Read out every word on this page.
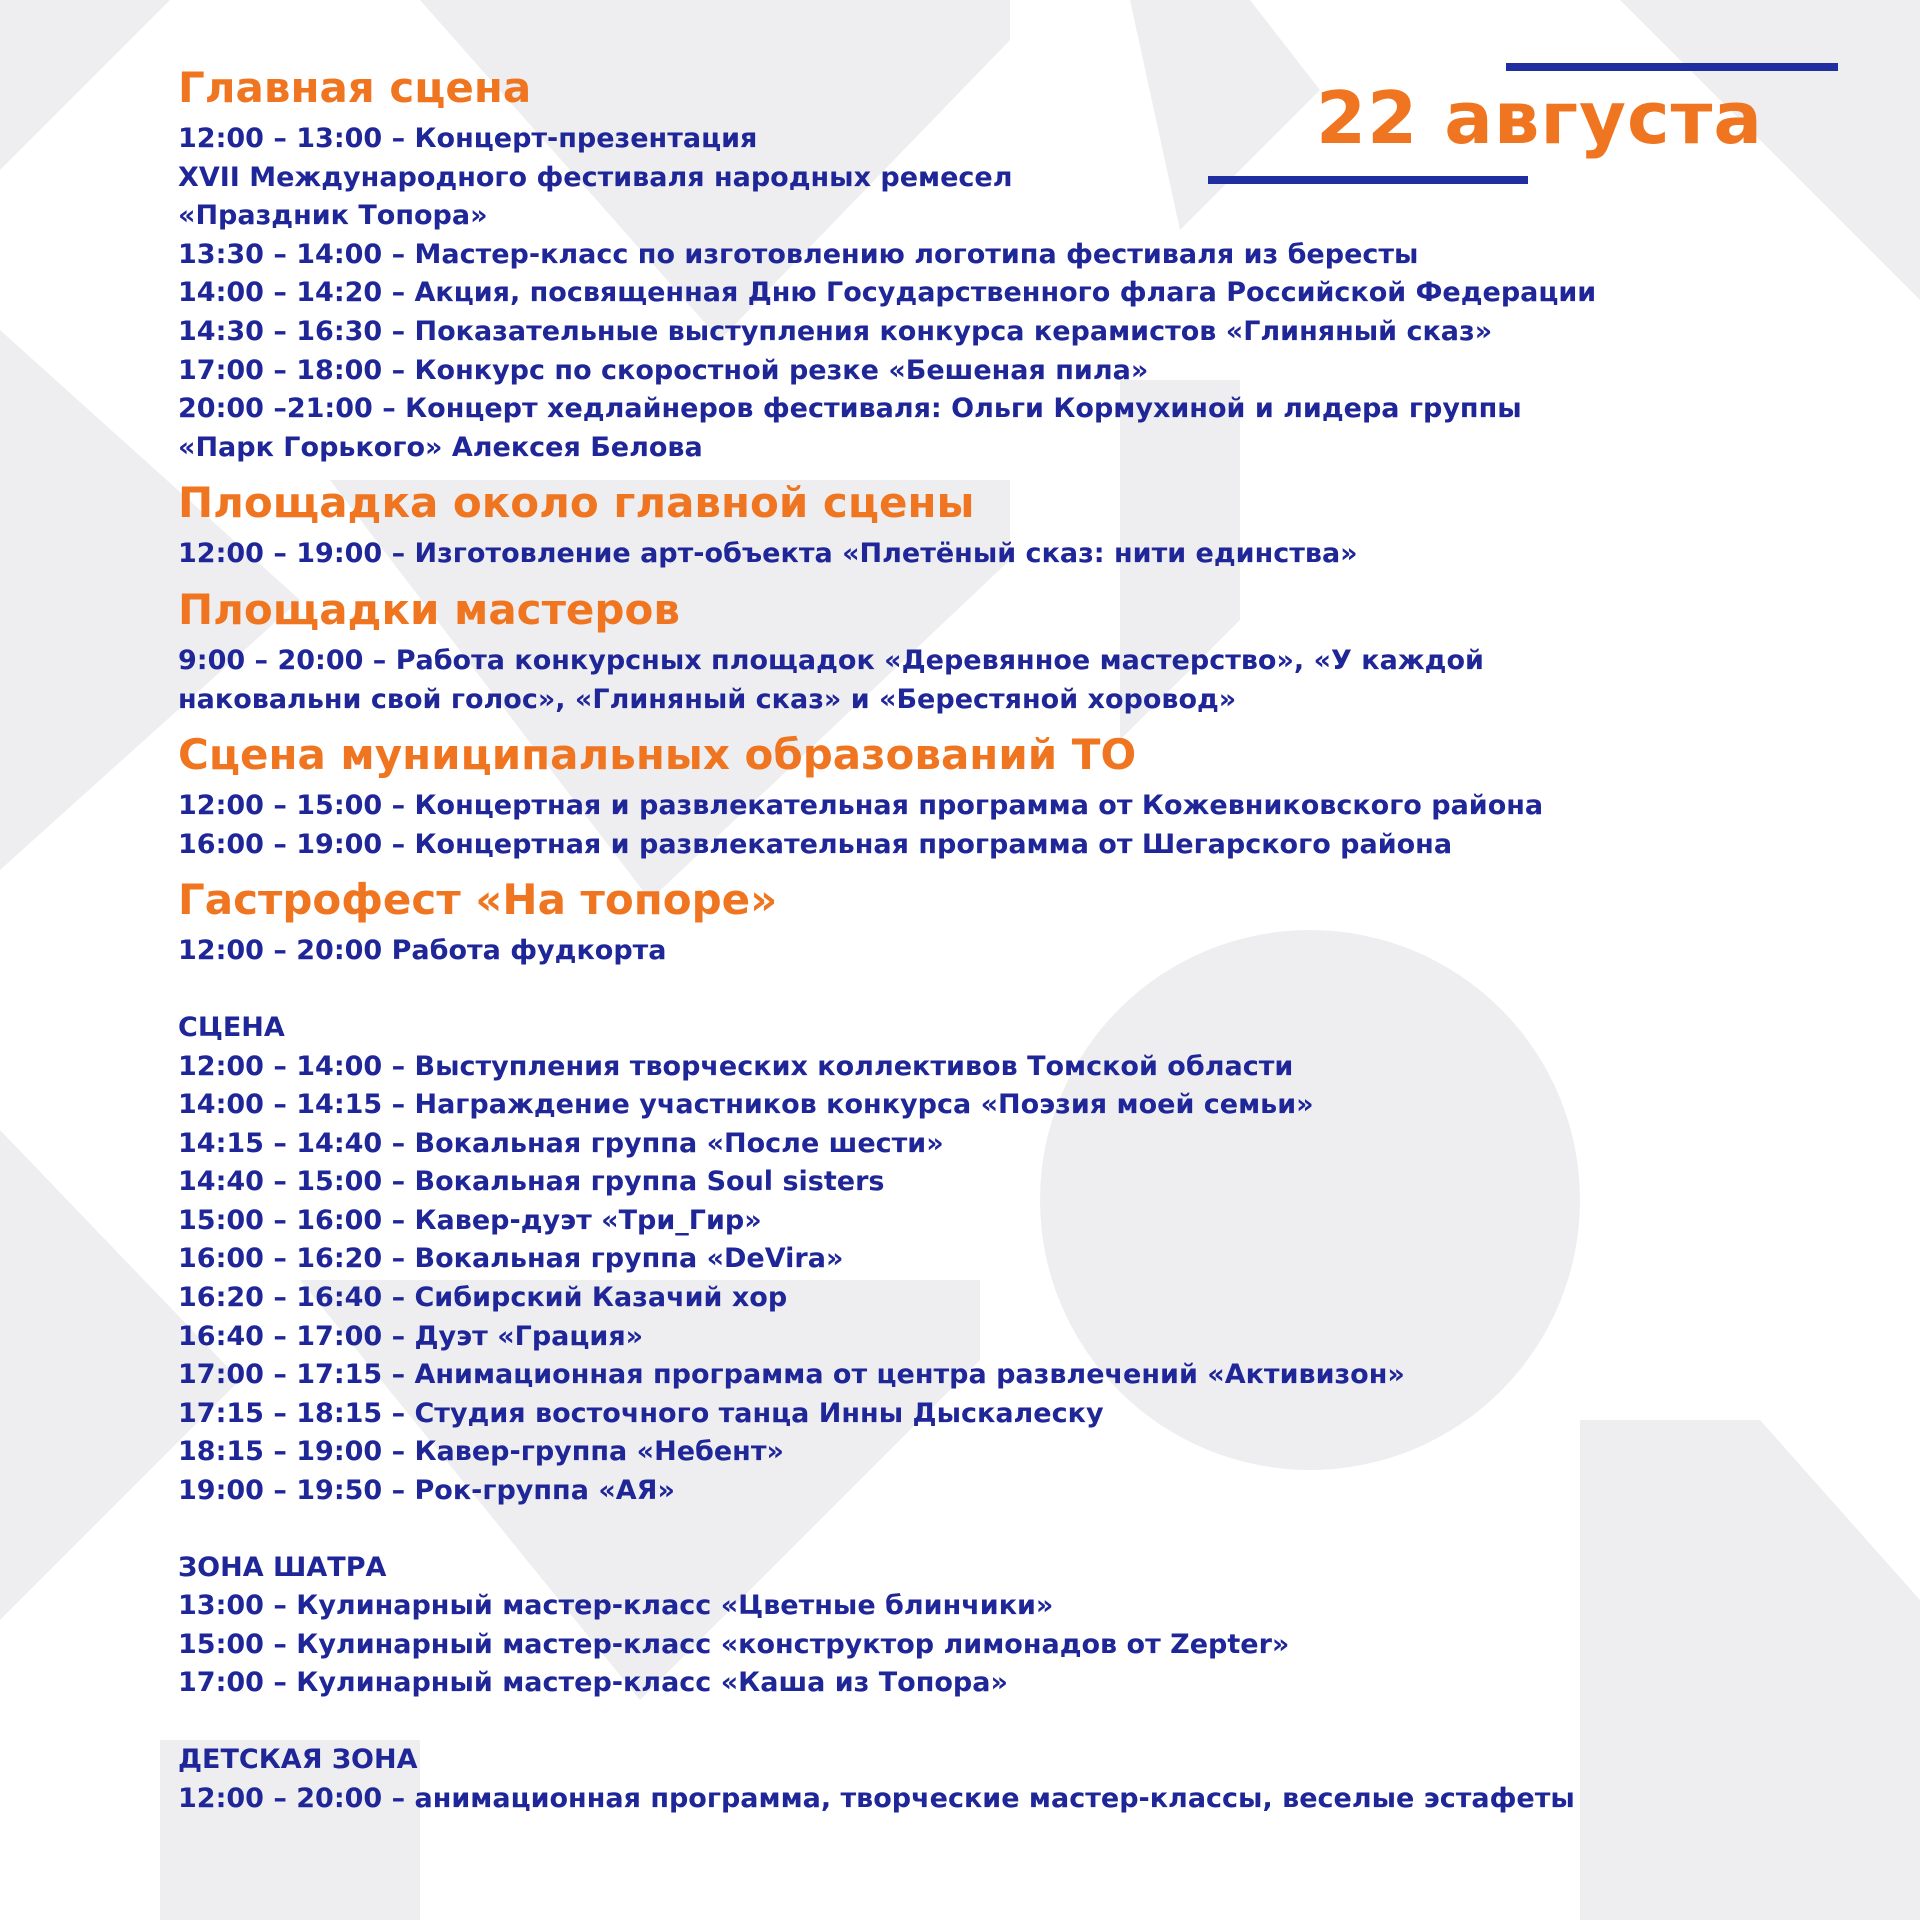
22 августа
Главная сцена

12:00 – 13:00 – Концерт-презентация

XVII Международного фестиваля народных ремесел

«Праздник Топора»

13:30 – 14:00 – Мастер-класс по изготовлению логотипа фестиваля из бересты

14:00 – 14:20 – Акция, посвященная Дню Государственного флага Российской Федерации

14:30 – 16:30 – Показательные выступления конкурса керамистов «Глиняный сказ»

17:00 – 18:00 – Конкурс по скоростной резке «Бешеная пила»

20:00 –21:00 – Концерт хедлайнеров фестиваля: Ольги Кормухиной и лидера группы

«Парк Горького» Алексея Белова

Площадка около главной сцены

12:00 – 19:00 – Изготовление арт-объекта «Плетёный сказ: нити единства»

Площадки мастеров

9:00 – 20:00 – Работа конкурсных площадок «Деревянное мастерство», «У каждой

наковальни свой голос», «Глиняный сказ» и «Берестяной хоровод»

Сцена муниципальных образований ТО

12:00 – 15:00 – Концертная и развлекательная программа от Кожевниковского района

16:00 – 19:00 – Концертная и развлекательная программа от Шегарского района

Гастрофест «На топоре»

12:00 – 20:00 Работа фудкорта

СЦЕНА

12:00 – 14:00 – Выступления творческих коллективов Томской области

14:00 – 14:15 – Награждение участников конкурса «Поэзия моей семьи»

14:15 – 14:40 – Вокальная группа «После шести»

14:40 – 15:00 – Вокальная группа Soul sisters

15:00 – 16:00 – Кавер-дуэт «Три_Гир»

16:00 – 16:20 – Вокальная группа «DeVira»

16:20 – 16:40 – Сибирский Казачий хор

16:40 – 17:00 – Дуэт «Грация»

17:00 – 17:15 – Анимационная программа от центра развлечений «Активизон»

17:15 – 18:15 – Студия восточного танца Инны Дыскалеску

18:15 – 19:00 – Кавер-группа «Небент»

19:00 – 19:50 – Рок-группа «АЯ»

ЗОНА ШАТРА

13:00 – Кулинарный мастер-класс «Цветные блинчики»

15:00 – Кулинарный мастер-класс «конструктор лимонадов от Zepter»

17:00 – Кулинарный мастер-класс «Каша из Топора»

ДЕТСКАЯ ЗОНА

12:00 – 20:00 – анимационная программа, творческие мастер-классы, веселые эстафеты
